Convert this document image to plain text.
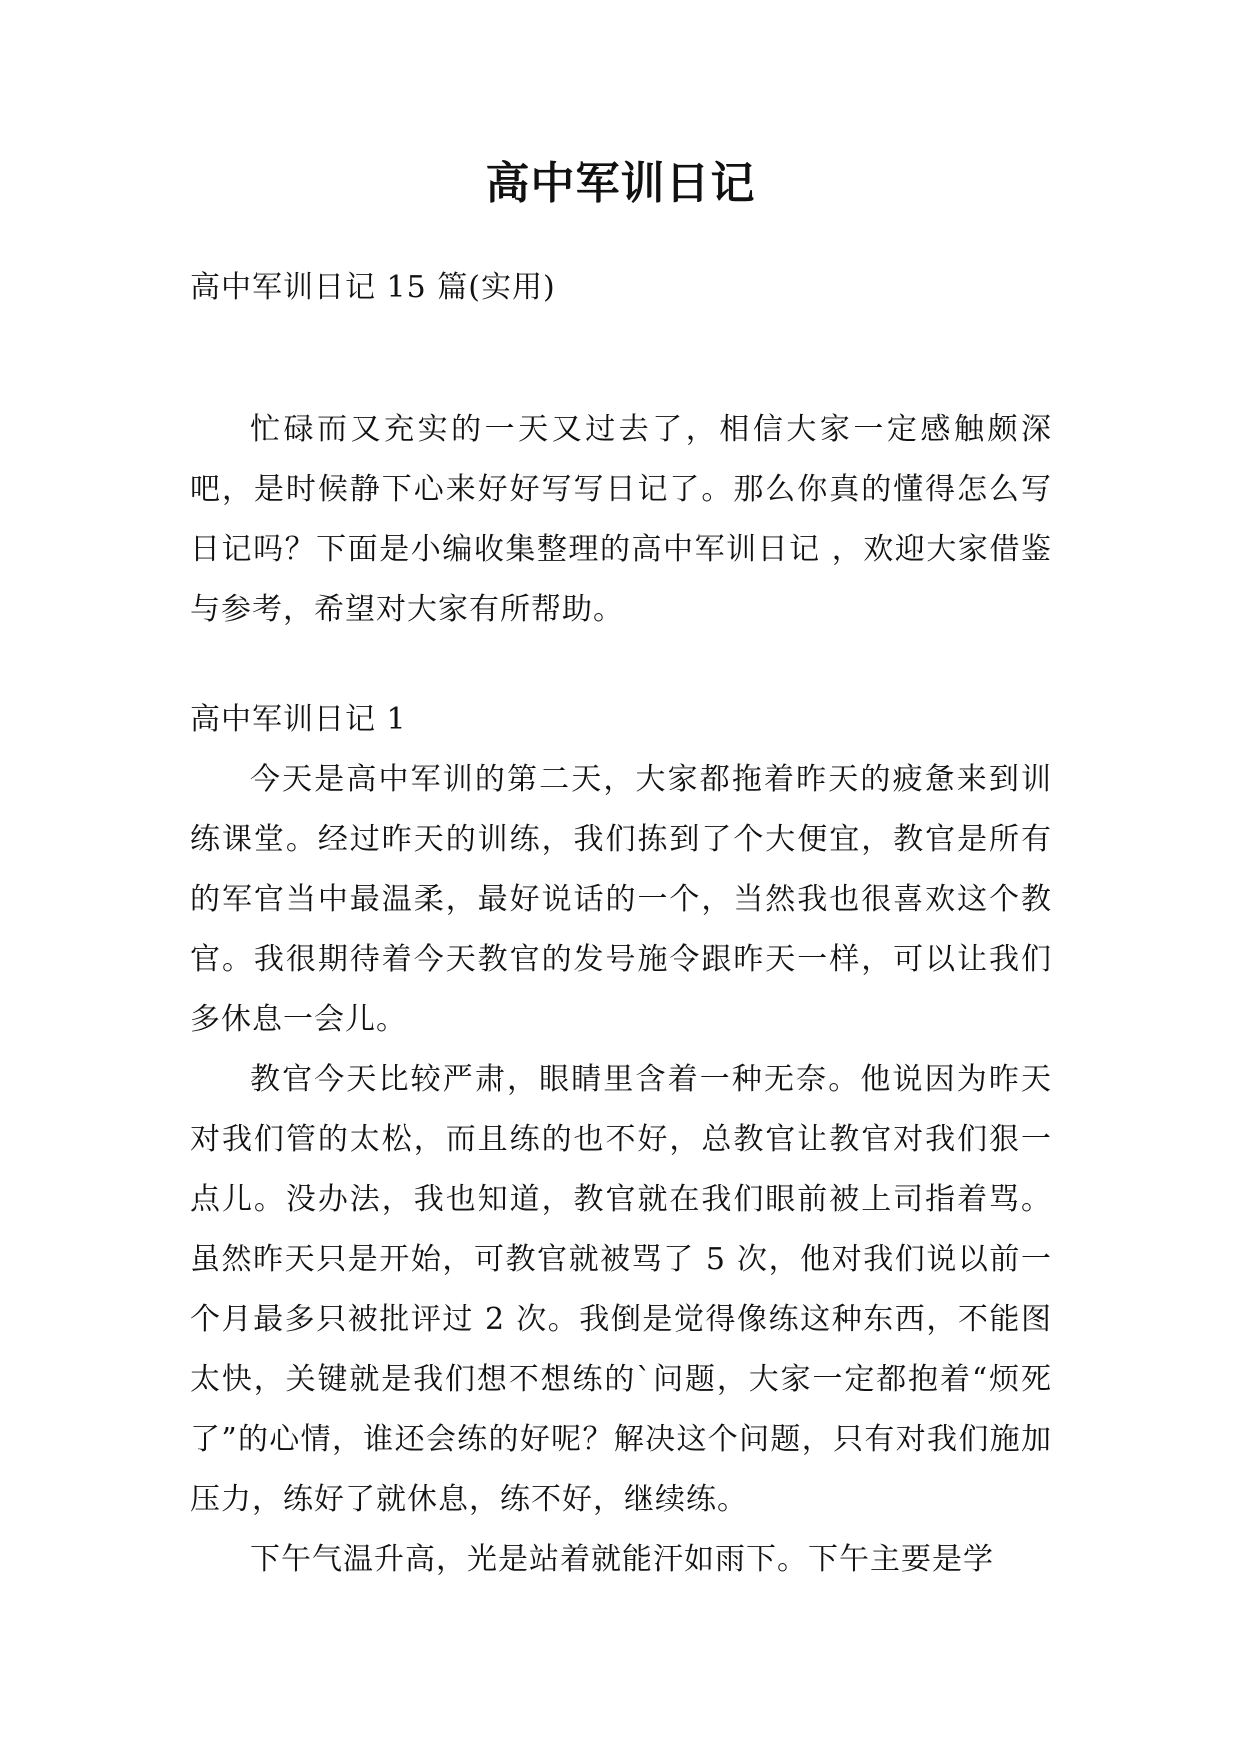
高中军训日记
高中军训日记 15 篇(实用)

忙碌而又充实的一天又过去了，相信大家一定感触颇深吧，是时候静下心来好好写写日记了。那么你真的懂得怎么写日记吗？下面是小编收集整理的高中军训日记 ，欢迎大家借鉴与参考，希望对大家有所帮助。

高中军训日记 1

今天是高中军训的第二天，大家都拖着昨天的疲惫来到训练课堂。经过昨天的训练，我们拣到了个大便宜，教官是所有的军官当中最温柔，最好说话的一个，当然我也很喜欢这个教官。我很期待着今天教官的发号施令跟昨天一样，可以让我们多休息一会儿。

教官今天比较严肃，眼睛里含着一种无奈。他说因为昨天对我们管的太松，而且练的也不好，总教官让教官对我们狠一点儿。没办法，我也知道，教官就在我们眼前被上司指着骂。虽然昨天只是开始，可教官就被骂了 5 次，他对我们说以前一个月最多只被批评过 2 次。我倒是觉得像练这种东西，不能图太快，关键就是我们想不想练的`问题，大家一定都抱着“烦死了”的心情，谁还会练的好呢？解决这个问题，只有对我们施加压力，练好了就休息，练不好，继续练。

下午气温升高，光是站着就能汗如雨下。下午主要是学
